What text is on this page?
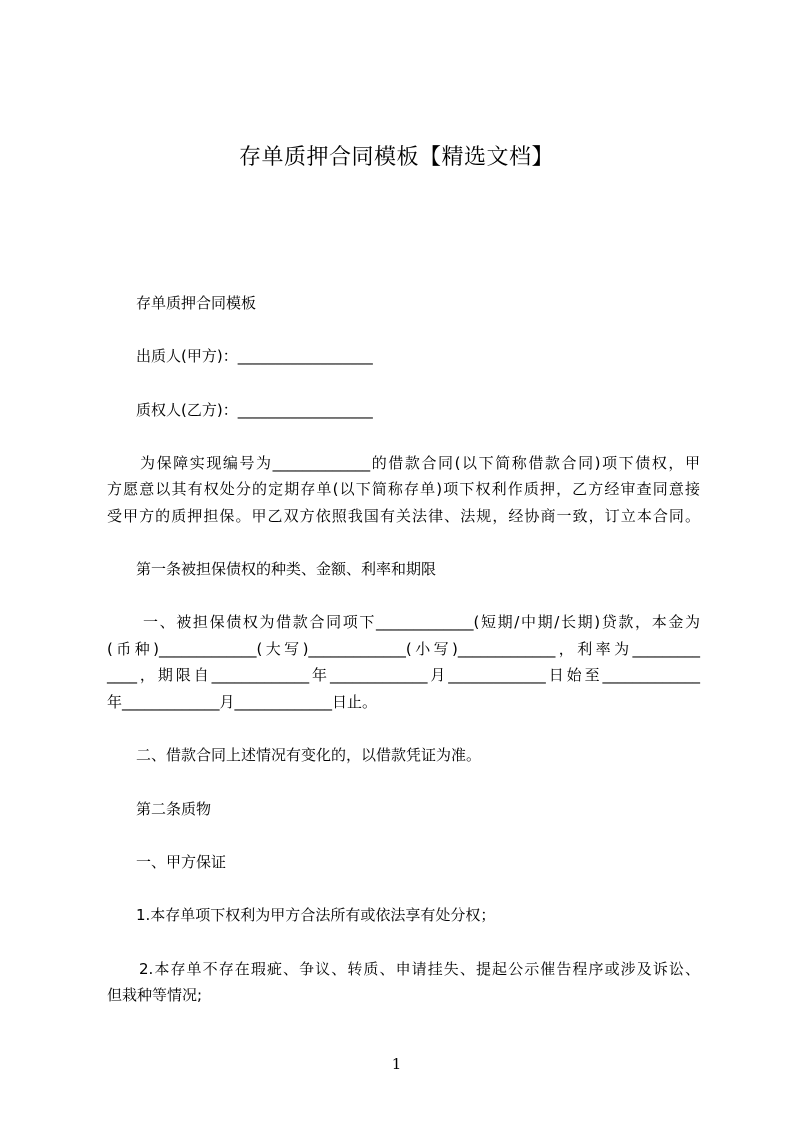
存单质押合同模板【精选文档】
存单质押合同模板
出质人(甲方)：__________________
质权人(乙方)：__________________
为保障实现编号为_____________的借款合同(以下简称借款合同)项下债权，甲
方愿意以其有权处分的定期存单(以下简称存单)项下权利作质押，乙方经审查同意接
受甲方的质押担保。甲乙双方依照我国有关法律、法规，经协商一致，订立本合同。
第一条被担保债权的种类、金额、利率和期限
一、被担保债权为借款合同项下_____________(短期/中期/长期)贷款，本金为
(币种)_____________(大写)_____________(小写)_____________，利率为_________
____，期限自_____________年_____________月_____________日始至_____________
年_____________月_____________日止。
二、借款合同上述情况有变化的，以借款凭证为准。
第二条质物
一、甲方保证
1.本存单项下权利为甲方合法所有或依法享有处分权；
2.本存单不存在瑕疵、争议、转质、申请挂失、提起公示催告程序或涉及诉讼、
但栽种等情况;
1
